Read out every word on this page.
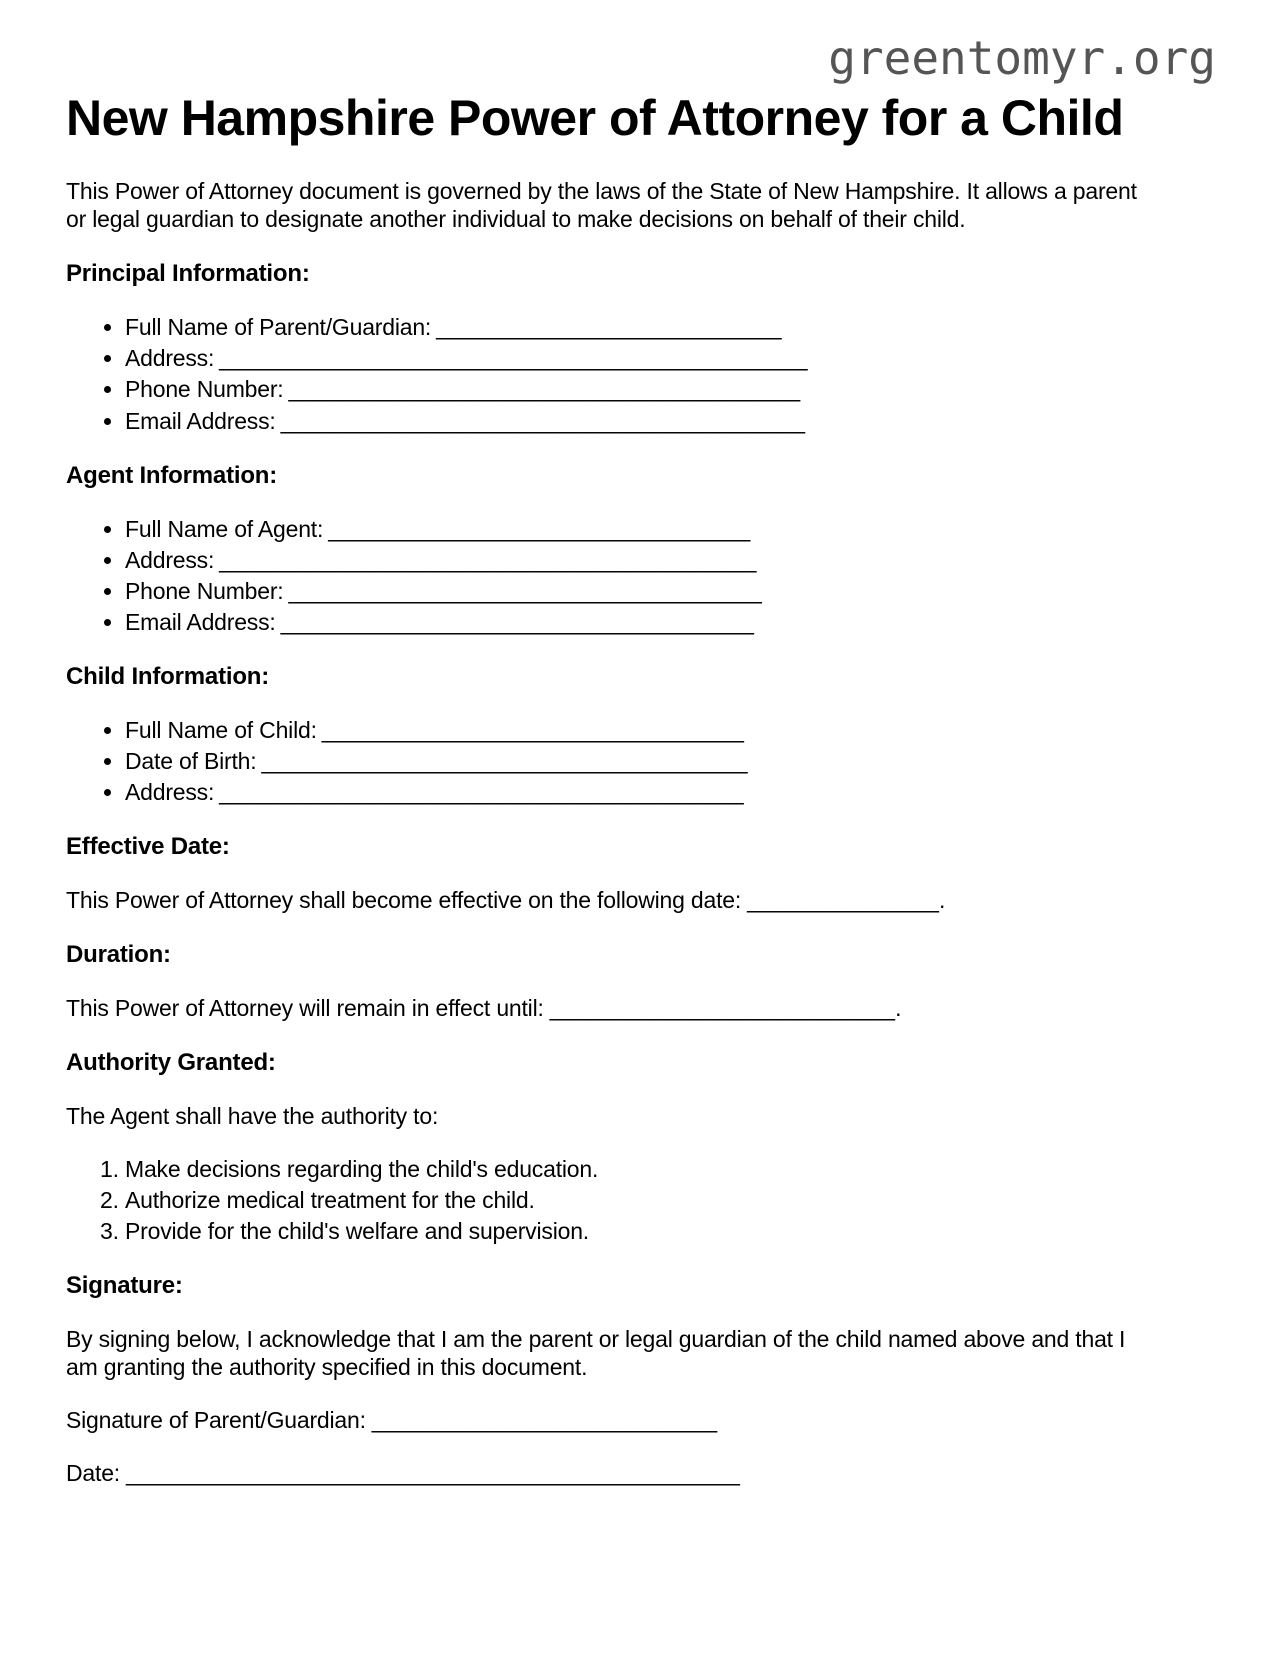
greentomyr.org
New Hampshire Power of Attorney for a Child

This Power of Attorney document is governed by the laws of the State of New Hampshire. It allows a parent or legal guardian to designate another individual to make decisions on behalf of their child.

Principal Information:
• Full Name of Parent/Guardian: ___________________________
• Address: ______________________________________________
• Phone Number: ________________________________________
• Email Address: _________________________________________
Agent Information:
• Full Name of Agent: _________________________________
• Address: __________________________________________
• Phone Number: _____________________________________
• Email Address: _____________________________________
Child Information:
• Full Name of Child: _________________________________
• Date of Birth: ______________________________________
• Address: _________________________________________
Effective Date:

This Power of Attorney shall become effective on the following date: _______________.

Duration:

This Power of Attorney will remain in effect until: ___________________________.

Authority Granted:

The Agent shall have the authority to:

1. Make decisions regarding the child's education.
2. Authorize medical treatment for the child.
3. Provide for the child's welfare and supervision.
Signature:

By signing below, I acknowledge that I am the parent or legal guardian of the child named above and that I am granting the authority specified in this document.

Signature of Parent/Guardian: ___________________________

Date: ________________________________________________
